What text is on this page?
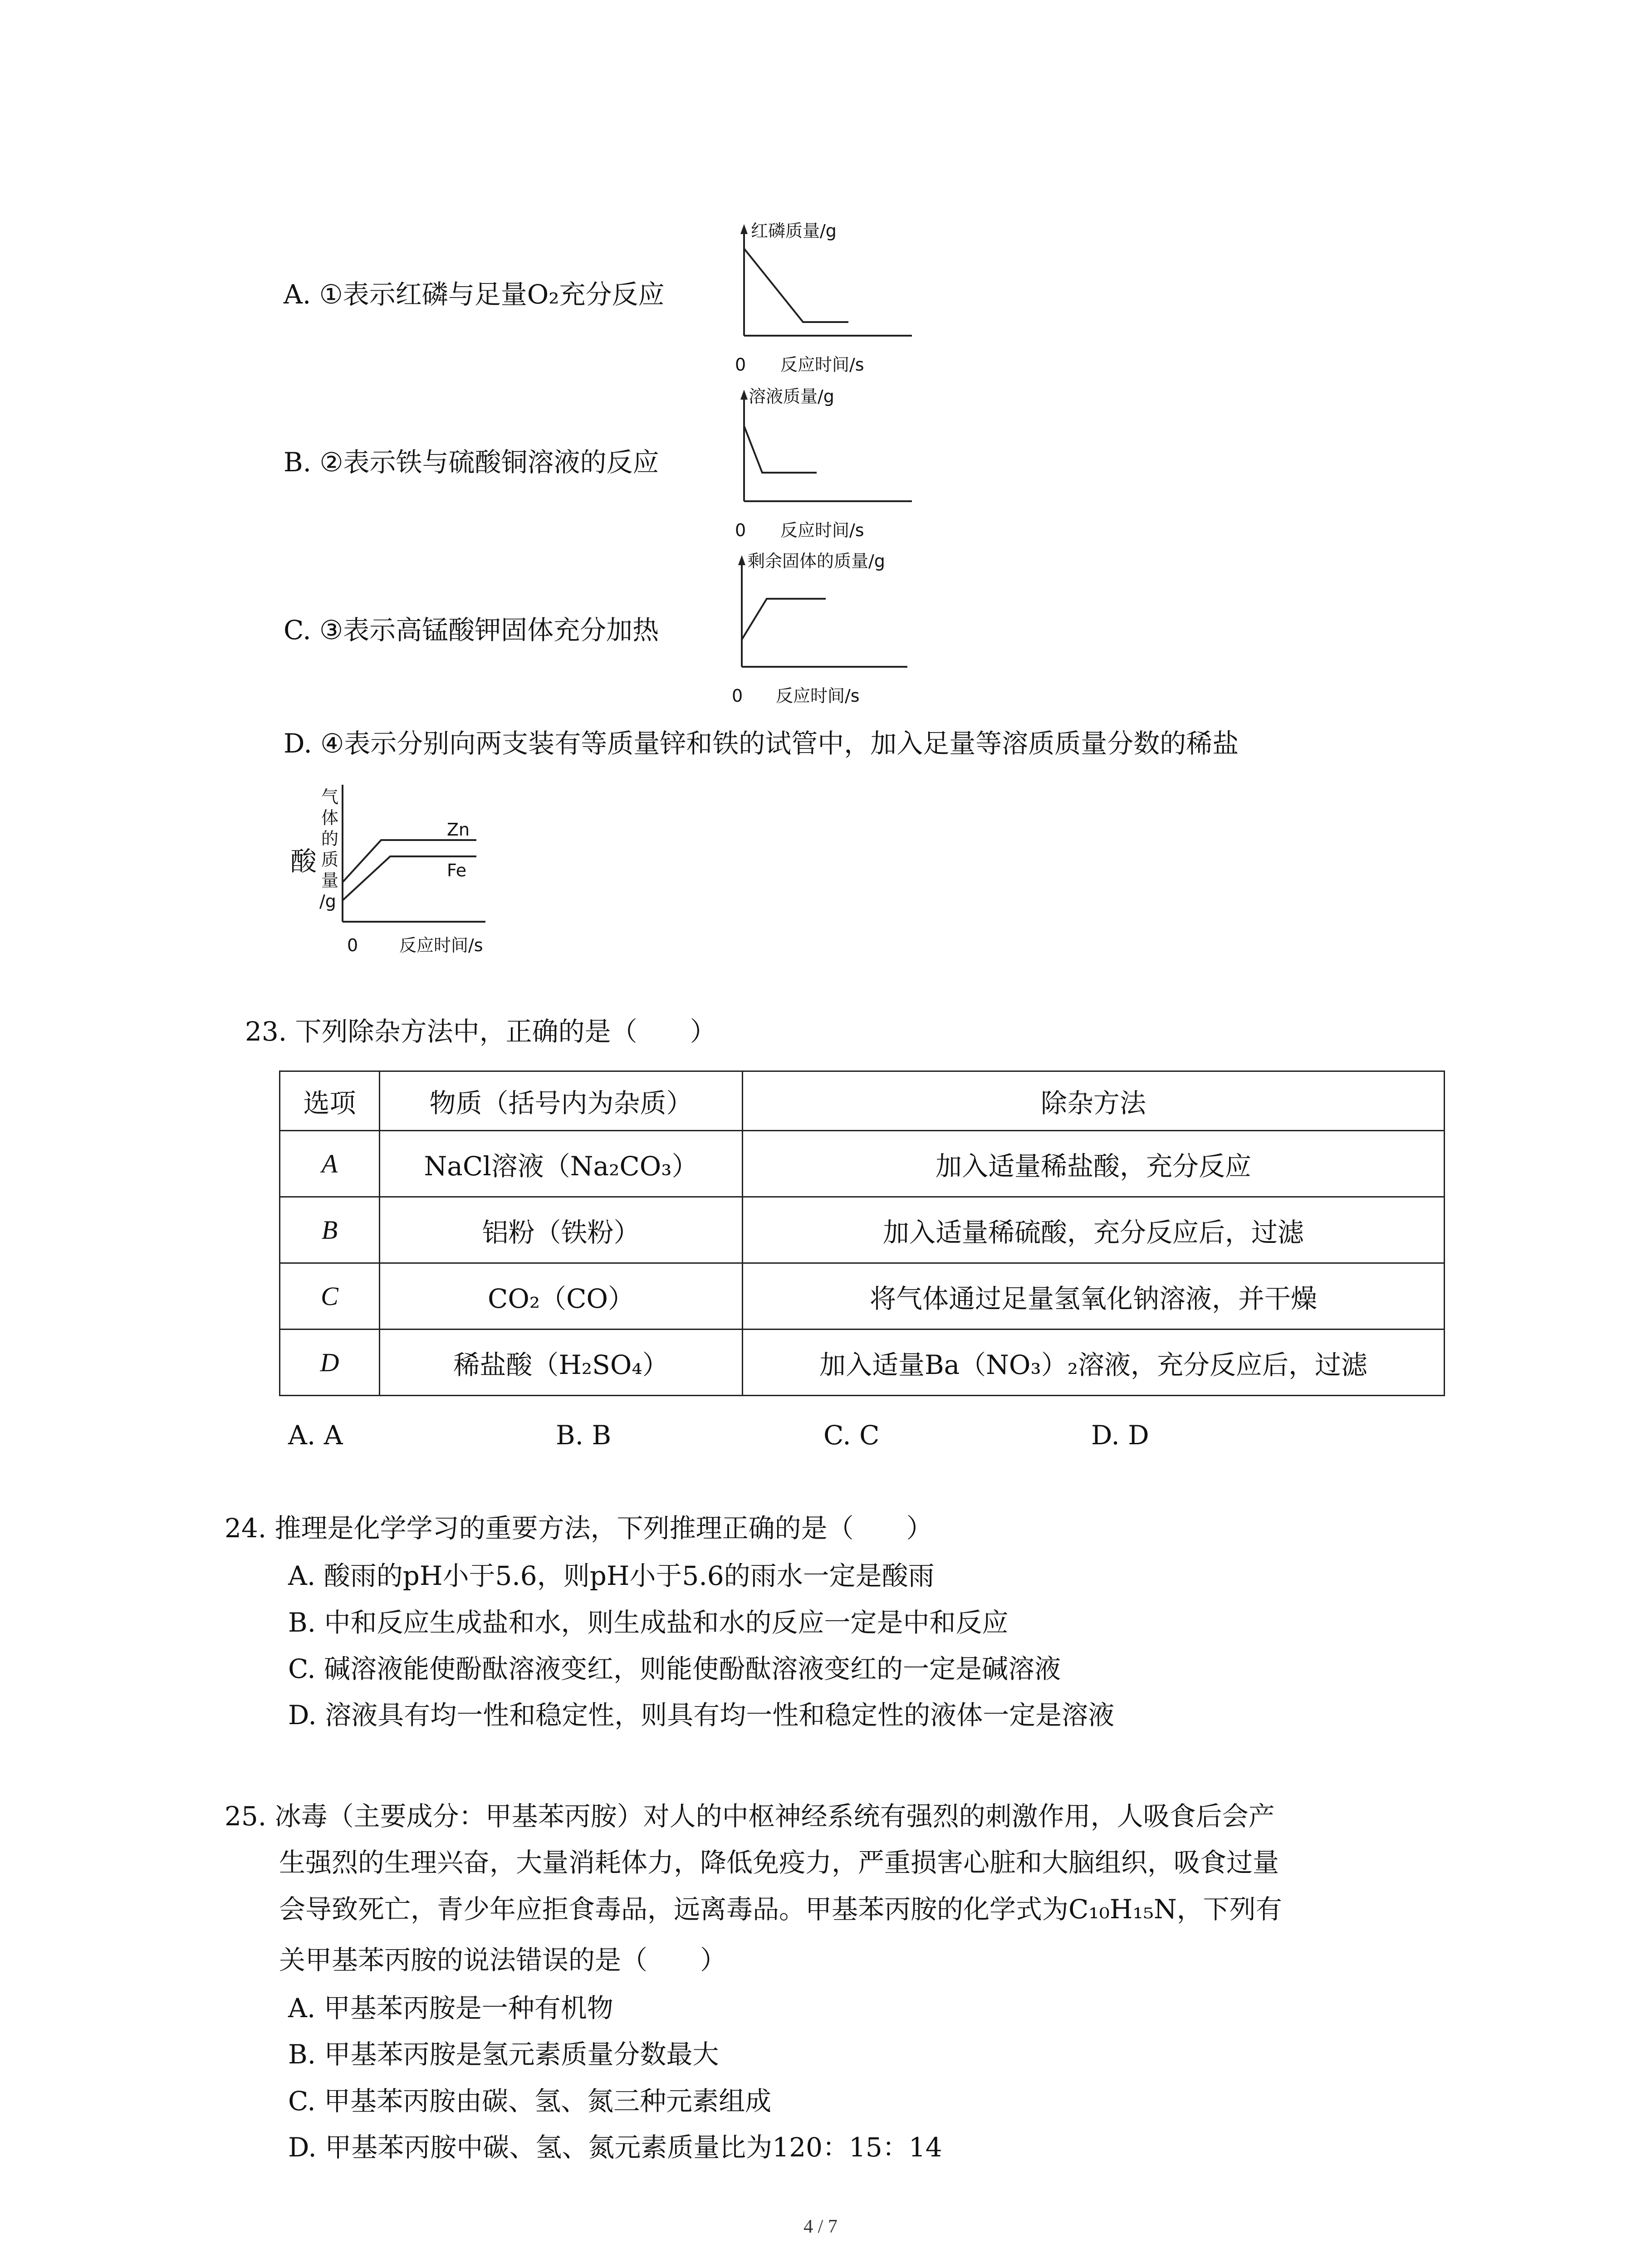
A. ①表示红磷与足量O₂充分反应
B. ②表示铁与硫酸铜溶液的反应
C. ③表示高锰酸钾固体充分加热
D. ④表示分别向两支装有等质量锌和铁的试管中，加入足量等溶质质量分数的稀盐
酸
红磷质量/g
0 反应时间/s
溶液质量/g
0 反应时间/s
剩余固体的质量/g
0 反应时间/s
气
体
的
质
量
/g
Zn
Fe
0 反应时间/s
23. 下列除杂方法中，正确的是（　　）
选项	物质（括号内为杂质）	除杂方法
A	NaCl溶液（Na₂CO₃）	加入适量稀盐酸，充分反应
B	铝粉（铁粉）	加入适量稀硫酸，充分反应后，过滤
C	CO₂（CO）	将气体通过足量氢氧化钠溶液，并干燥
D	稀盐酸（H₂SO₄）	加入适量Ba（NO₃）₂溶液，充分反应后，过滤
A. A	B. B	C. C	D. D
24. 推理是化学学习的重要方法，下列推理正确的是（　　）
A. 酸雨的pH小于5.6，则pH小于5.6的雨水一定是酸雨
B. 中和反应生成盐和水，则生成盐和水的反应一定是中和反应
C. 碱溶液能使酚酞溶液变红，则能使酚酞溶液变红的一定是碱溶液
D. 溶液具有均一性和稳定性，则具有均一性和稳定性的液体一定是溶液
25. 冰毒（主要成分：甲基苯丙胺）对人的中枢神经系统有强烈的刺激作用，人吸食后会产
生强烈的生理兴奋，大量消耗体力，降低免疫力，严重损害心脏和大脑组织，吸食过量
会导致死亡，青少年应拒食毒品，远离毒品。甲基苯丙胺的化学式为C₁₀H₁₅N，下列有
关甲基苯丙胺的说法错误的是（　　）
A. 甲基苯丙胺是一种有机物
B. 甲基苯丙胺是氢元素质量分数最大
C. 甲基苯丙胺由碳、氢、氮三种元素组成
D. 甲基苯丙胺中碳、氢、氮元素质量比为120：15：14
4 / 7
